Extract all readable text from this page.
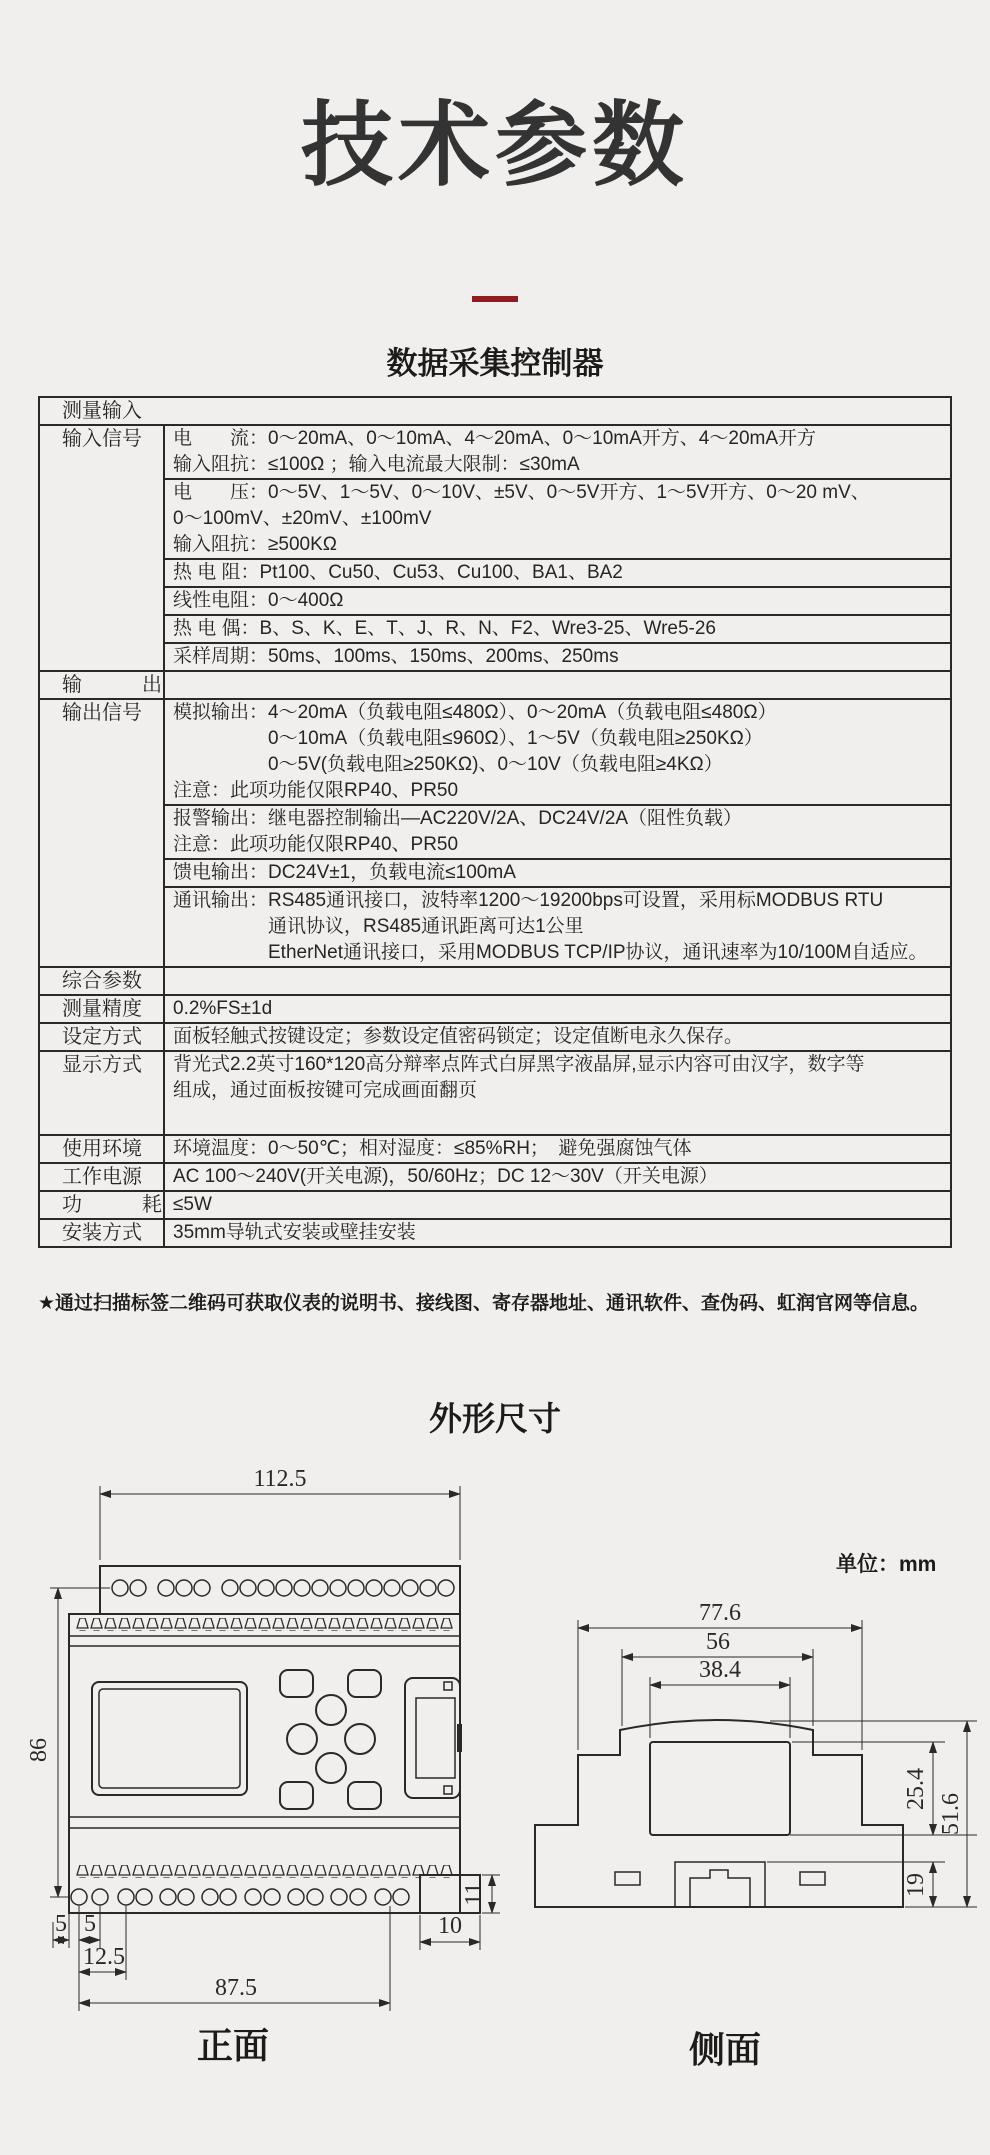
技术参数
数据采集控制器
测量输入
输入信号	电　　流：0～20mA、0～10mA、4～20mA、0～10mA开方、4～20mA开方
输入阻抗：≤100Ω ；输入电流最大限制：≤30mA
电　　压：0～5V、1～5V、0～10V、±5V、0～5V开方、1～5V开方、0～20 mV、
0～100mV、±20mV、±100mV
输入阻抗：≥500KΩ
热 电 阻：Pt100、Cu50、Cu53、Cu100、BA1、BA2
线性电阻：0～400Ω
热 电 偶：B、S、K、E、T、J、R、N、F2、Wre3-25、Wre5-26
采样周期：50ms、100ms、150ms、200ms、250ms
输　　　出
输出信号	模拟输出：4～20mA（负载电阻≤480Ω）、0～20mA（负载电阻≤480Ω）
0～10mA（负载电阻≤960Ω）、1～5V（负载电阻≥250KΩ）
0～5V(负载电阻≥250KΩ)、0～10V（负载电阻≥4KΩ）
注意：此项功能仅限RP40、PR50
报警输出：继电器控制输出—AC220V/2A、DC24V/2A（阻性负载）
注意：此项功能仅限RP40、PR50
馈电输出：DC24V±1，负载电流≤100mA
通讯输出：RS485通讯接口，波特率1200～19200bps可设置，采用标MODBUS RTU
通讯协议，RS485通讯距离可达1公里
EtherNet通讯接口，采用MODBUS TCP/IP协议，通讯速率为10/100M自适应。
综合参数
测量精度	0.2%FS±1d
设定方式	面板轻触式按键设定；参数设定值密码锁定；设定值断电永久保存。
显示方式	背光式2.2英寸160*120高分辩率点阵式白屏黑字液晶屏,显示内容可由汉字，数字等
组成，通过面板按键可完成画面翻页
使用环境	环境温度：0～50℃；相对湿度：≤85%RH；　避免强腐蚀气体
工作电源	AC 100～240V(开关电源)，50/60Hz；DC 12～30V（开关电源）
功　　　耗 ≤5W
安装方式	35mm导轨式安装或壁挂安装
★通过扫描标签二维码可获取仪表的说明书、接线图、寄存器地址、通讯软件、查伪码、虹润官网等信息。
外形尺寸
单位：mm
112.5
86
5 5
12.5
87.5
10
11
77.6
56
38.4
25.4
19
51.6
正面	侧面
